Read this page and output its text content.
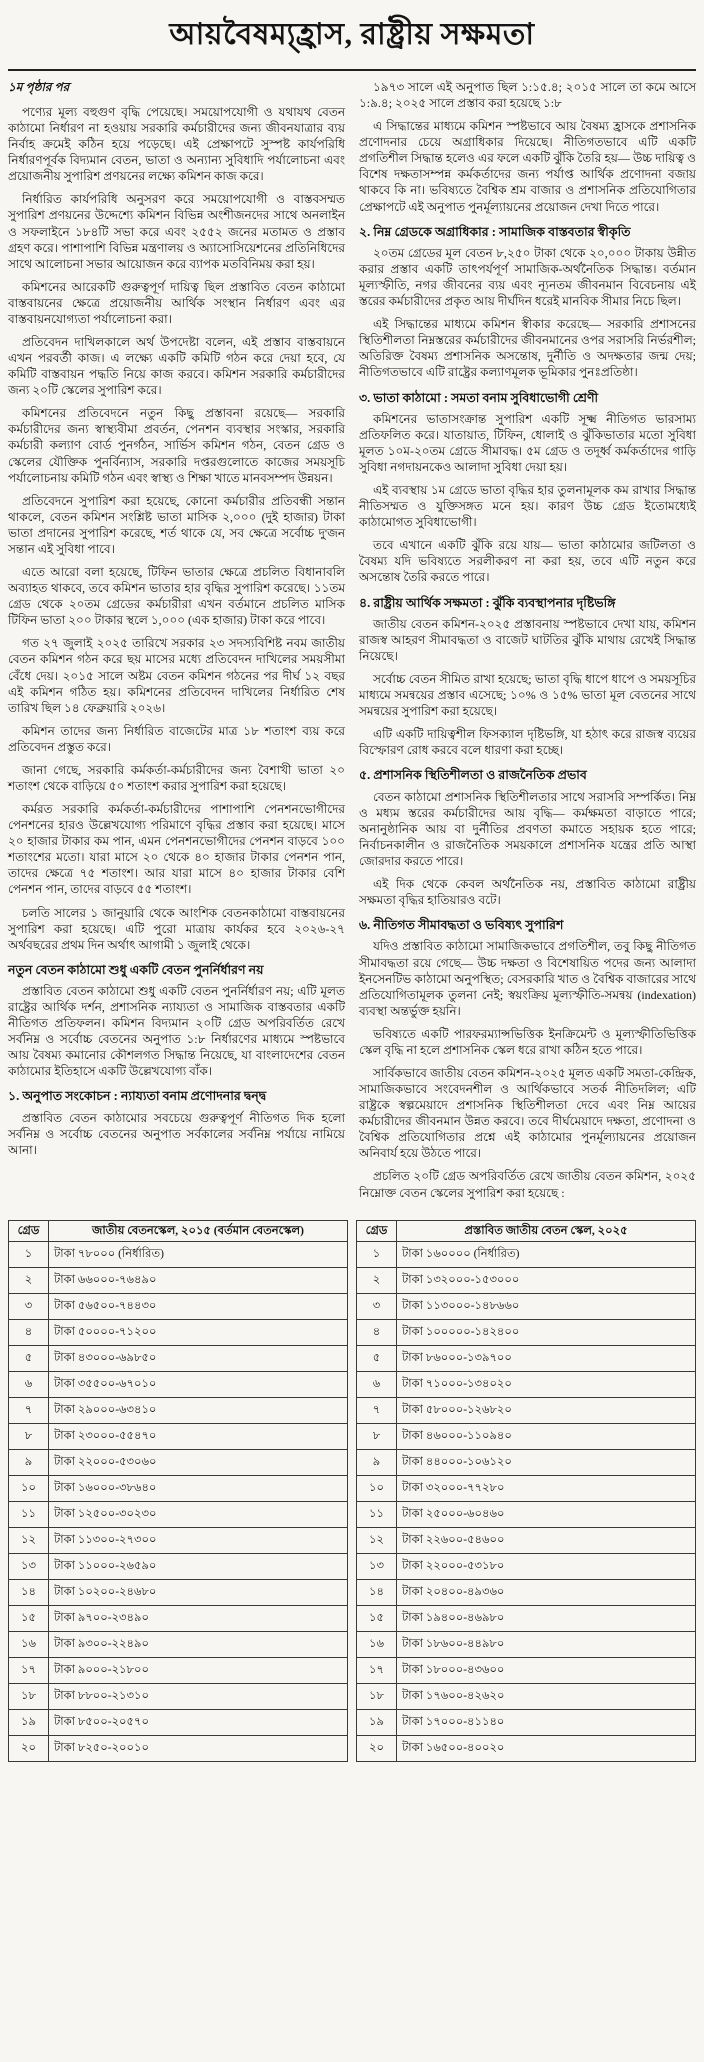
আয়বৈষম্য্‌হ্রাস, রাষ্ট্রীয় সক্ষমতা
১ম পৃষ্ঠার পর
পণ্যের মূল্য বহুগুণ বৃদ্ধি পেয়েছে। সময়োপযোগী ও যথাযথ বেতন কাঠামো নির্ধারণ না হওয়ায় সরকারি কর্মচারীদের জন্য জীবনযাত্রার ব্যয় নির্বাহ ক্রমেই কঠিন হয়ে পড়েছে। এই প্রেক্ষাপটে সুস্পষ্ট কার্যপরিধি নির্ধারণপূর্বক বিদ্যমান বেতন, ভাতা ও অন্যান্য সুবিধাদি পর্যালোচনা এবং প্রয়োজনীয় সুপারিশ প্রণয়নের লক্ষ্যে কমিশন কাজ করে।
নির্ধারিত কার্যপরিধি অনুসরণ করে সময়োপযোগী ও বাস্তবসম্মত সুপারিশ প্রণয়নের উদ্দেশ্যে কমিশন বিভিন্ন অংশীজনদের সাথে অনলাইন ও সফলাইনে ১৮৪টি সভা করে এবং ২৫৫২ জনের মতামত ও প্রস্তাব গ্রহণ করে। পাশাপাশি বিভিন্ন মন্ত্রণালয় ও অ্যাসোসিয়েশনের প্রতিনিধিদের সাথে আলোচনা সভার আয়োজন করে ব্যাপক মতবিনিময় করা হয়।
কমিশনের আরেকটি গুরুত্বপূর্ণ দায়িত্ব ছিল প্রস্তাবিত বেতন কাঠামো বাস্তবায়নের ক্ষেত্রে প্রয়োজনীয় আর্থিক সংস্থান নির্ধারণ এবং এর বাস্তবায়নযোগ্যতা পর্যালোচনা করা।
প্রতিবেদন দাখিলকালে অর্থ উপদেষ্টা বলেন, এই প্রস্তাব বাস্তবায়নে এখন পরবর্তী কাজ। এ লক্ষ্যে একটি কমিটি গঠন করে দেয়া হবে, যে কমিটি বাস্তবায়ন পদ্ধতি নিয়ে কাজ করবে। কমিশন সরকারি কর্মচারীদের জন্য ২০টি স্কেলের সুপারিশ করে।
কমিশনের প্রতিবেদনে নতুন কিছু প্রস্তাবনা রয়েছে— সরকারি কর্মচারীদের জন্য স্বাস্থ্যবীমা প্রবর্তন, পেনশন ব্যবস্থার সংস্কার, সরকারি কর্মচারী কল্যাণ বোর্ড পুনর্গঠন, সার্ভিস কমিশন গঠন, বেতন গ্রেড ও স্কেলের যৌক্তিক পুনর্বিন্যাস, সরকারি দপ্তরগুলোতে কাজের সময়সূচি পর্যালোচনায় কমিটি গঠন এবং স্বাস্থ্য ও শিক্ষা খাতে মানবসম্পদ উন্নয়ন।
প্রতিবেদনে সুপারিশ করা হয়েছে, কোনো কর্মচারীর প্রতিবন্ধী সন্তান থাকলে, বেতন কমিশন সংশ্লিষ্ট ভাতা মাসিক ২,০০০ (দুই হাজার) টাকা ভাতা প্রদানের সুপারিশ করেছে, শর্ত থাকে যে, সব ক্ষেত্রে সর্বোচ্চ দু'জন সন্তান এই সুবিধা পাবে।
এতে আরো বলা হয়েছে, টিফিন ভাতার ক্ষেত্রে প্রচলিত বিধানাবলি অব্যাহত থাকবে, তবে কমিশন ভাতার হার বৃদ্ধির সুপারিশ করেছে। ১১তম গ্রেড থেকে ২০তম গ্রেডের কর্মচারীরা এখন বর্তমানে প্রচলিত মাসিক টিফিন ভাতা ২০০ টাকার স্থলে ১,০০০ (এক হাজার) টাকা করে পাবে।
গত ২৭ জুলাই ২০২৫ তারিখে সরকার ২৩ সদস্যবিশিষ্ট নবম জাতীয় বেতন কমিশন গঠন করে ছয় মাসের মধ্যে প্রতিবেদন দাখিলের সময়সীমা বেঁধে দেয়। ২০১৫ সালে অষ্টম বেতন কমিশন গঠনের পর দীর্ঘ ১২ বছর এই কমিশন গঠিত হয়। কমিশনের প্রতিবেদন দাখিলের নির্ধারিত শেষ তারিখ ছিল ১৪ ফেব্রুয়ারি ২০২৬।
কমিশন তাদের জন্য নির্ধারিত বাজেটের মাত্র ১৮ শতাংশ ব্যয় করে প্রতিবেদন প্রস্তুত করে।
জানা গেছে, সরকারি কর্মকর্তা-কর্মচারীদের জন্য বৈশাখী ভাতা ২০ শতাংশ থেকে বাড়িয়ে ৫০ শতাংশ করার সুপারিশ করা হয়েছে।
কর্মরত সরকারি কর্মকর্তা-কর্মচারীদের পাশাপাশি পেনশনভোগীদের পেনশনের হারও উল্লেখযোগ্য পরিমাণে বৃদ্ধির প্রস্তাব করা হয়েছে। মাসে ২০ হাজার টাকার কম পান, এমন পেনশনভোগীদের পেনশন বাড়বে ১০০ শতাংশের মতো। যারা মাসে ২০ থেকে ৪০ হাজার টাকার পেনশন পান, তাদের ক্ষেত্রে ৭৫ শতাংশ। আর যারা মাসে ৪০ হাজার টাকার বেশি পেনশন পান, তাদের বাড়বে ৫৫ শতাংশ।
চলতি সালের ১ জানুয়ারি থেকে আংশিক বেতনকাঠামো বাস্তবায়নের সুপারিশ করা হয়েছে। এটি পুরো মাত্রায় কার্যকর হবে ২০২৬-২৭ অর্থবছরের প্রথম দিন অর্থাৎ আগামী ১ জুলাই থেকে।
নতুন বেতন কাঠামো শুধু একটি বেতন পুনর্নির্ধারণ নয়
প্রস্তাবিত বেতন কাঠামো শুধু একটি বেতন পুনর্নির্ধারণ নয়; এটি মূলত রাষ্ট্রের আর্থিক দর্শন, প্রশাসনিক ন্যায্যতা ও সামাজিক বাস্তবতার একটি নীতিগত প্রতিফলন। কমিশন বিদ্যমান ২০টি গ্রেড অপরিবর্তিত রেখে সর্বনিম্ন ও সর্বোচ্চ বেতনের অনুপাত ১:৮ নির্ধারণের মাধ্যমে স্পষ্টভাবে আয় বৈষম্য কমানোর কৌশলগত সিদ্ধান্ত নিয়েছে, যা বাংলাদেশের বেতন কাঠামোর ইতিহাসে একটি উল্লেখযোগ্য বাঁক।
১. অনুপাত সংকোচন : ন্যায্যতা বনাম প্রণোদনার দ্বন্দ্ব
প্রস্তাবিত বেতন কাঠামোর সবচেয়ে গুরুত্বপূর্ণ নীতিগত দিক হলো সর্বনিম্ন ও সর্বোচ্চ বেতনের অনুপাত সর্বকালের সর্বনিম্ন পর্যায়ে নামিয়ে আনা।
১৯৭৩ সালে এই অনুপাত ছিল ১:১৫.৪; ২০১৫ সালে তা কমে আসে ১:৯.৪; ২০২৫ সালে প্রস্তাব করা হয়েছে ১:৮
এ সিদ্ধান্তের মাধ্যমে কমিশন স্পষ্টভাবে আয় বৈষম্য হ্রাসকে প্রশাসনিক প্রণোদনার চেয়ে অগ্রাধিকার দিয়েছে। নীতিগতভাবে এটি একটি প্রগতিশীল সিদ্ধান্ত হলেও এর ফলে একটি ঝুঁকি তৈরি হয়— উচ্চ দায়িত্ব ও বিশেষ দক্ষতাসম্পন্ন কর্মকর্তাদের জন্য পর্যাপ্ত আর্থিক প্রণোদনা বজায় থাকবে কি না। ভবিষ্যতে বৈশ্বিক শ্রম বাজার ও প্রশাসনিক প্রতিযোগিতার প্রেক্ষাপটে এই অনুপাত পুনর্মূল্যায়নের প্রয়োজন দেখা দিতে পারে।
২. নিম্ন গ্রেডকে অগ্রাধিকার : সামাজিক বাস্তবতার স্বীকৃতি
২০তম গ্রেডের মূল বেতন ৮,২৫০ টাকা থেকে ২০,০০০ টাকায় উন্নীত করার প্রস্তাব একটি তাৎপর্যপূর্ণ সামাজিক-অর্থনৈতিক সিদ্ধান্ত। বর্তমান মূল্যস্ফীতি, নগর জীবনের ব্যয় এবং ন্যূনতম জীবনমান বিবেচনায় এই স্তরের কর্মচারীদের প্রকৃত আয় দীর্ঘদিন ধরেই মানবিক সীমার নিচে ছিল।
এই সিদ্ধান্তের মাধ্যমে কমিশন স্বীকার করেছে— সরকারি প্রশাসনের স্থিতিশীলতা নিম্নস্তরের কর্মচারীদের জীবনমানের ওপর সরাসরি নির্ভরশীল; অতিরিক্ত বৈষম্য প্রশাসনিক অসন্তোষ, দুর্নীতি ও অদক্ষতার জন্ম দেয়; নীতিগতভাবে এটি রাষ্ট্রের কল্যাণমূলক ভূমিকার পুনঃপ্রতিষ্ঠা।
৩. ভাতা কাঠামো : সমতা বনাম সুবিধাভোগী শ্রেণী
কমিশনের ভাতাসংক্রান্ত সুপারিশ একটি সূক্ষ্ম নীতিগত ভারসাম্য প্রতিফলিত করে। যাতায়াত, টিফিন, ধোলাই ও ঝুঁকিভাতার মতো সুবিধা মূলত ১০ম-২০তম গ্রেডে সীমাবদ্ধ। ৫ম গ্রেড ও তদূর্ধ্ব কর্মকর্তাদের গাড়ি সুবিধা নগদায়নকেও আলাদা সুবিধা দেয়া হয়।
এই ব্যবস্থায় ১ম গ্রেডে ভাতা বৃদ্ধির হার তুলনামূলক কম রাখার সিদ্ধান্ত নীতিসম্মত ও যুক্তিসঙ্গত মনে হয়। কারণ উচ্চ গ্রেড ইতোমধ্যেই কাঠামোগত সুবিধাভোগী।
তবে এখানে একটি ঝুঁকি রয়ে যায়— ভাতা কাঠামোর জটিলতা ও বৈষম্য যদি ভবিষ্যতে সরলীকরণ না করা হয়, তবে এটি নতুন করে অসন্তোষ তৈরি করতে পারে।
৪. রাষ্ট্রীয় আর্থিক সক্ষমতা : ঝুঁকি ব্যবস্থাপনার দৃষ্টিভঙ্গি
জাতীয় বেতন কমিশন-২০২৫ প্রস্তাবনায় স্পষ্টভাবে দেখা যায়, কমিশন রাজস্ব আহরণ সীমাবদ্ধতা ও বাজেট ঘাটতির ঝুঁকি মাথায় রেখেই সিদ্ধান্ত নিয়েছে।
সর্বোচ্চ বেতন সীমিত রাখা হয়েছে; ভাতা বৃদ্ধি ধাপে ধাপে ও সময়সূচির মাধ্যমে সমন্বয়ের প্রস্তাব এসেছে; ১০% ও ১৫% ভাতা মূল বেতনের সাথে সমন্বয়ের সুপারিশ করা হয়েছে।
এটি একটি দায়িত্বশীল ফিসক্যাল দৃষ্টিভঙ্গি, যা হঠাৎ করে রাজস্ব ব্যয়ের বিস্ফোরণ রোধ করবে বলে ধারণা করা হচ্ছে।
৫. প্রশাসনিক স্থিতিশীলতা ও রাজনৈতিক প্রভাব
বেতন কাঠামো প্রশাসনিক স্থিতিশীলতার সাথে সরাসরি সম্পর্কিত। নিম্ন ও মধ্যম স্তরের কর্মচারীদের আয় বৃদ্ধি— কর্মক্ষমতা বাড়াতে পারে; অনানুষ্ঠানিক আয় বা দুর্নীতির প্রবণতা কমাতে সহায়ক হতে পারে; নির্বাচনকালীন ও রাজনৈতিক সময়কালে প্রশাসনিক যন্ত্রের প্রতি আস্থা জোরদার করতে পারে।
এই দিক থেকে কেবল অর্থনৈতিক নয়, প্রস্তাবিত কাঠামো রাষ্ট্রীয় সক্ষমতা বৃদ্ধির হাতিয়ারও বটে।
৬. নীতিগত সীমাবদ্ধতা ও ভবিষ্যৎ সুপারিশ
যদিও প্রস্তাবিত কাঠামো সামাজিকভাবে প্রগতিশীল, তবু কিছু নীতিগত সীমাবদ্ধতা রয়ে গেছে— উচ্চ দক্ষতা ও বিশেষায়িত পদের জন্য আলাদা ইনসেনটিভ কাঠামো অনুপস্থিত; বেসরকারি খাত ও বৈশ্বিক বাজারের সাথে প্রতিযোগিতামূলক তুলনা নেই; স্বয়ংক্রিয় মূল্যস্ফীতি-সমন্বয় (indexation) ব্যবস্থা অন্তর্ভুক্ত হয়নি।
ভবিষ্যতে একটি পারফরম্যান্সভিত্তিক ইনক্রিমেন্ট ও মূল্যস্ফীতিভিত্তিক স্কেল বৃদ্ধি না হলে প্রশাসনিক স্কেল ধরে রাখা কঠিন হতে পারে।
সার্বিকভাবে জাতীয় বেতন কমিশন-২০২৫ মূলত একটি সমতা-কেন্দ্রিক, সামাজিকভাবে সংবেদনশীল ও আর্থিকভাবে সতর্ক নীতিদলিল; এটি রাষ্ট্রকে স্বল্পমেয়াদে প্রশাসনিক স্থিতিশীলতা দেবে এবং নিম্ন আয়ের কর্মচারীদের জীবনমান উন্নত করবে। তবে দীর্ঘমেয়াদে দক্ষতা, প্রণোদনা ও বৈশ্বিক প্রতিযোগিতার প্রশ্নে এই কাঠামোর পুনর্মূল্যায়নের প্রয়োজন অনিবার্য হয়ে উঠতে পারে।
প্রচলিত ২০টি গ্রেড অপরিবর্তিত রেখে জাতীয় বেতন কমিশন, ২০২৫ নিম্নোক্ত বেতন স্কেলের সুপারিশ করা হয়েছে :
গ্রেড	জাতীয় বেতনস্কেল, ২০১৫ (বর্তমান বেতনস্কেল)
১	টাকা ৭৮০০০ (নির্ধারিত)
২	টাকা ৬৬০০০-৭৬৪৯০
৩	টাকা ৫৬৫০০-৭৪৪৩০
৪	টাকা ৫০০০০-৭১২০০
৫	টাকা ৪৩০০০-৬৯৮৫০
৬	টাকা ৩৫৫০০-৬৭০১০
৭	টাকা ২৯০০০-৬৩৪১০
৮	টাকা ২৩০০০-৫৫৪৭০
৯	টাকা ২২০০০-৫৩০৬০
১০	টাকা ১৬০০০-৩৮৬৪০
১১	টাকা ১২৫০০-৩০২৩০
১২	টাকা ১১৩০০-২৭৩০০
১৩	টাকা ১১০০০-২৬৫৯০
১৪	টাকা ১০২০০-২৪৬৮০
১৫	টাকা ৯৭০০-২৩৪৯০
১৬	টাকা ৯৩০০-২২৪৯০
১৭	টাকা ৯০০০-২১৮০০
১৮	টাকা ৮৮০০-২১৩১০
১৯	টাকা ৮৫০০-২০৫৭০
২০	টাকা ৮২৫০-২০০১০
গ্রেড	প্রস্তাবিত জাতীয় বেতন স্কেল, ২০২৫
১	টাকা ১৬০০০০ (নির্ধারিত)
২	টাকা ১৩২০০০-১৫৩০০০
৩	টাকা ১১৩০০০-১৪৮৬৬০
৪	টাকা ১০০০০০-১৪২৪০০
৫	টাকা ৮৬০০০-১৩৯৭০০
৬	টাকা ৭১০০০-১৩৪০২০
৭	টাকা ৫৮০০০-১২৬৮২০
৮	টাকা ৪৬০০০-১১০৯৪০
৯	টাকা ৪৪০০০-১০৬১২০
১০	টাকা ৩২০০০-৭৭২৮০
১১	টাকা ২৫০০০-৬০৪৬০
১২	টাকা ২২৬০০-৫৪৬০০
১৩	টাকা ২২০০০-৫৩১৮০
১৪	টাকা ২০৪০০-৪৯৩৬০
১৫	টাকা ১৯৪০০-৪৬৯৮০
১৬	টাকা ১৮৬০০-৪৪৯৮০
১৭	টাকা ১৮০০০-৪৩৬০০
১৮	টাকা ১৭৬০০-৪২৬২০
১৯	টাকা ১৭০০০-৪১১৪০
২০	টাকা ১৬৫০০-৪০০২০
